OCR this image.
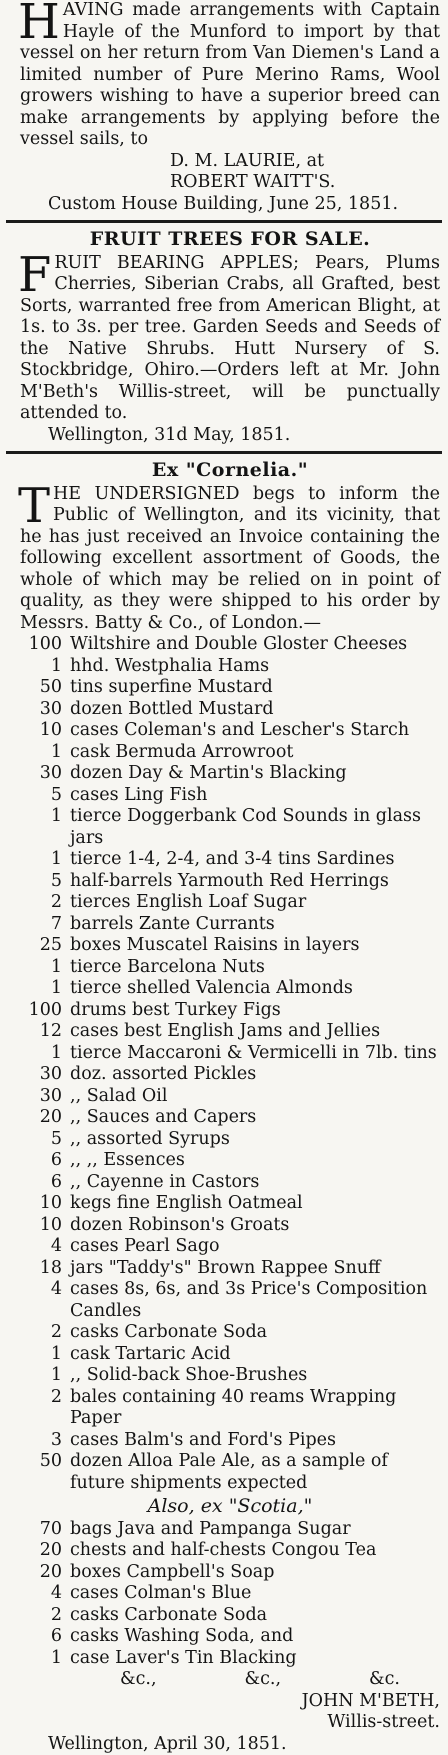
H AVING made arrangements with Captain Hayle of the Munford to import by that vessel on her return from Van Diemen's Land a limited number of Pure Merino Rams, Wool growers wishing to have a superior breed can make arrangements by applying before the vessel sails, to

D. M. LAURIE, at

ROBERT WAITT'S.

Custom House Building, June 25, 1851.

FRUIT TREES FOR SALE.

F RUIT BEARING APPLES; Pears, Plums Cherries, Siberian Crabs, all Grafted, best Sorts, warranted free from American Blight, at 1s. to 3s. per tree. Garden Seeds and Seeds of the Native Shrubs. Hutt Nursery of S. Stockbridge, Ohiro.—Orders left at Mr. John M'Beth's Willis-street, will be punctually attended to.

Wellington, 31d May, 1851.

Ex "Cornelia."

T HE UNDERSIGNED begs to inform the Public of Wellington, and its vicinity, that he has just received an Invoice containing the following excellent assortment of Goods, the whole of which may be relied on in point of quality, as they were shipped to his order by Messrs. Batty & Co., of London.—

100 Wiltshire and Double Gloster Cheeses
1 hhd. Westphalia Hams
50 tins superfine Mustard
30 dozen Bottled Mustard
10 cases Coleman's and Lescher's Starch
1 cask Bermuda Arrowroot
30 dozen Day & Martin's Blacking
5 cases Ling Fish
1 tierce Doggerbank Cod Sounds in glass jars
1 tierce 1-4, 2-4, and 3-4 tins Sardines
5 half-barrels Yarmouth Red Herrings
2 tierces English Loaf Sugar
7 barrels Zante Currants
25 boxes Muscatel Raisins in layers
1 tierce Barcelona Nuts
1 tierce shelled Valencia Almonds
100 drums best Turkey Figs
12 cases best English Jams and Jellies
1 tierce Maccaroni & Vermicelli in 7lb. tins
30 doz. assorted Pickles
30 ,, Salad Oil
20 ,, Sauces and Capers
5 ,, assorted Syrups
6 ,, ,, Essences
6 ,, Cayenne in Castors
10 kegs fine English Oatmeal
10 dozen Robinson's Groats
4 cases Pearl Sago
18 jars "Taddy's" Brown Rappee Snuff
4 cases 8s, 6s, and 3s Price's Composition Candles
2 casks Carbonate Soda
1 cask Tartaric Acid
1 ,, Solid-back Shoe-Brushes
2 bales containing 40 reams Wrapping Paper
3 cases Balm's and Ford's Pipes
50 dozen Alloa Pale Ale, as a sample of future shipments expected

Also, ex "Scotia,"

70 bags Java and Pampanga Sugar
20 chests and half-chests Congou Tea
20 boxes Campbell's Soap
4 cases Colman's Blue
2 casks Carbonate Soda
6 casks Washing Soda, and
1 case Laver's Tin Blacking
&c.,	&c.,	&c.

JOHN M'BETH,

Willis-street.

Wellington, April 30, 1851.
